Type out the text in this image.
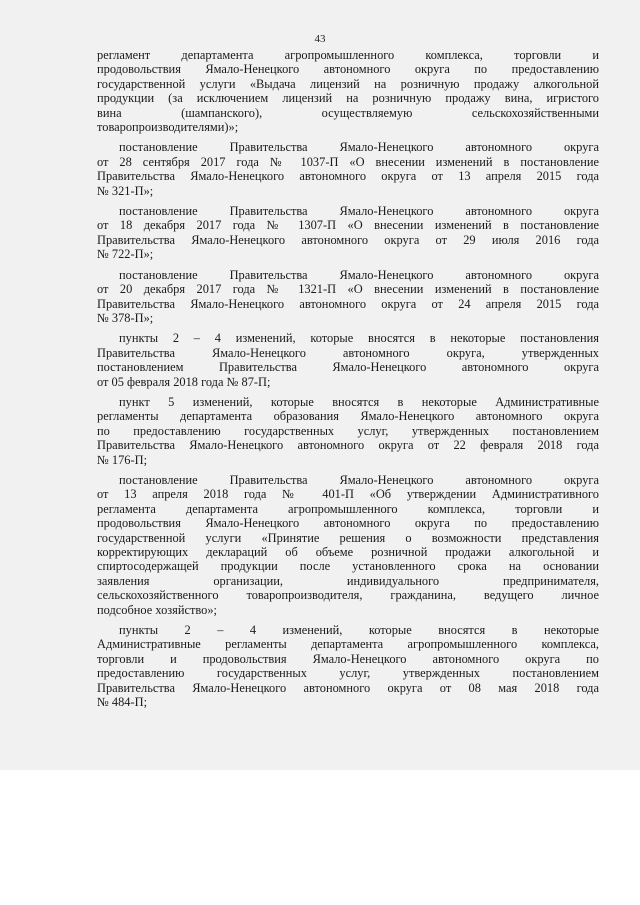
43

регламент департамента агропромышленного комплекса, торговли и

продовольствия Ямало-Ненецкого автономного округа по предоставлению

государственной услуги «Выдача лицензий на розничную продажу алкогольной

продукции (за исключением лицензий на розничную продажу вина, игристого

вина (шампанского), осуществляемую сельскохозяйственными

товаропроизводителями)»;

постановление Правительства Ямало-Ненецкого автономного округа

от 28 сентября 2017 года № 1037-П «О внесении изменений в постановление

Правительства Ямало-Ненецкого автономного округа от 13 апреля 2015 года

№ 321-П»;

постановление Правительства Ямало-Ненецкого автономного округа

от 18 декабря 2017 года № 1307-П «О внесении изменений в постановление

Правительства Ямало-Ненецкого автономного округа от 29 июля 2016 года

№ 722-П»;

постановление Правительства Ямало-Ненецкого автономного округа

от 20 декабря 2017 года № 1321-П «О внесении изменений в постановление

Правительства Ямало-Ненецкого автономного округа от 24 апреля 2015 года

№ 378-П»;

пункты 2 – 4 изменений, которые вносятся в некоторые постановления

Правительства Ямало-Ненецкого автономного округа, утвержденных

постановлением Правительства Ямало-Ненецкого автономного округа

от 05 февраля 2018 года № 87-П;

пункт 5 изменений, которые вносятся в некоторые Административные

регламенты департамента образования Ямало-Ненецкого автономного округа

по предоставлению государственных услуг, утвержденных постановлением

Правительства Ямало-Ненецкого автономного округа от 22 февраля 2018 года

№ 176-П;

постановление Правительства Ямало-Ненецкого автономного округа

от 13 апреля 2018 года № 401-П «Об утверждении Административного

регламента департамента агропромышленного комплекса, торговли и

продовольствия Ямало-Ненецкого автономного округа по предоставлению

государственной услуги «Принятие решения о возможности представления

корректирующих деклараций об объеме розничной продажи алкогольной и

спиртосодержащей продукции после установленного срока на основании

заявления организации, индивидуального предпринимателя,

сельскохозяйственного товаропроизводителя, гражданина, ведущего личное

подсобное хозяйство»;

пункты 2 – 4 изменений, которые вносятся в некоторые

Административные регламенты департамента агропромышленного комплекса,

торговли и продовольствия Ямало-Ненецкого автономного округа по

предоставлению государственных услуг, утвержденных постановлением

Правительства Ямало-Ненецкого автономного округа от 08 мая 2018 года

№ 484-П;
